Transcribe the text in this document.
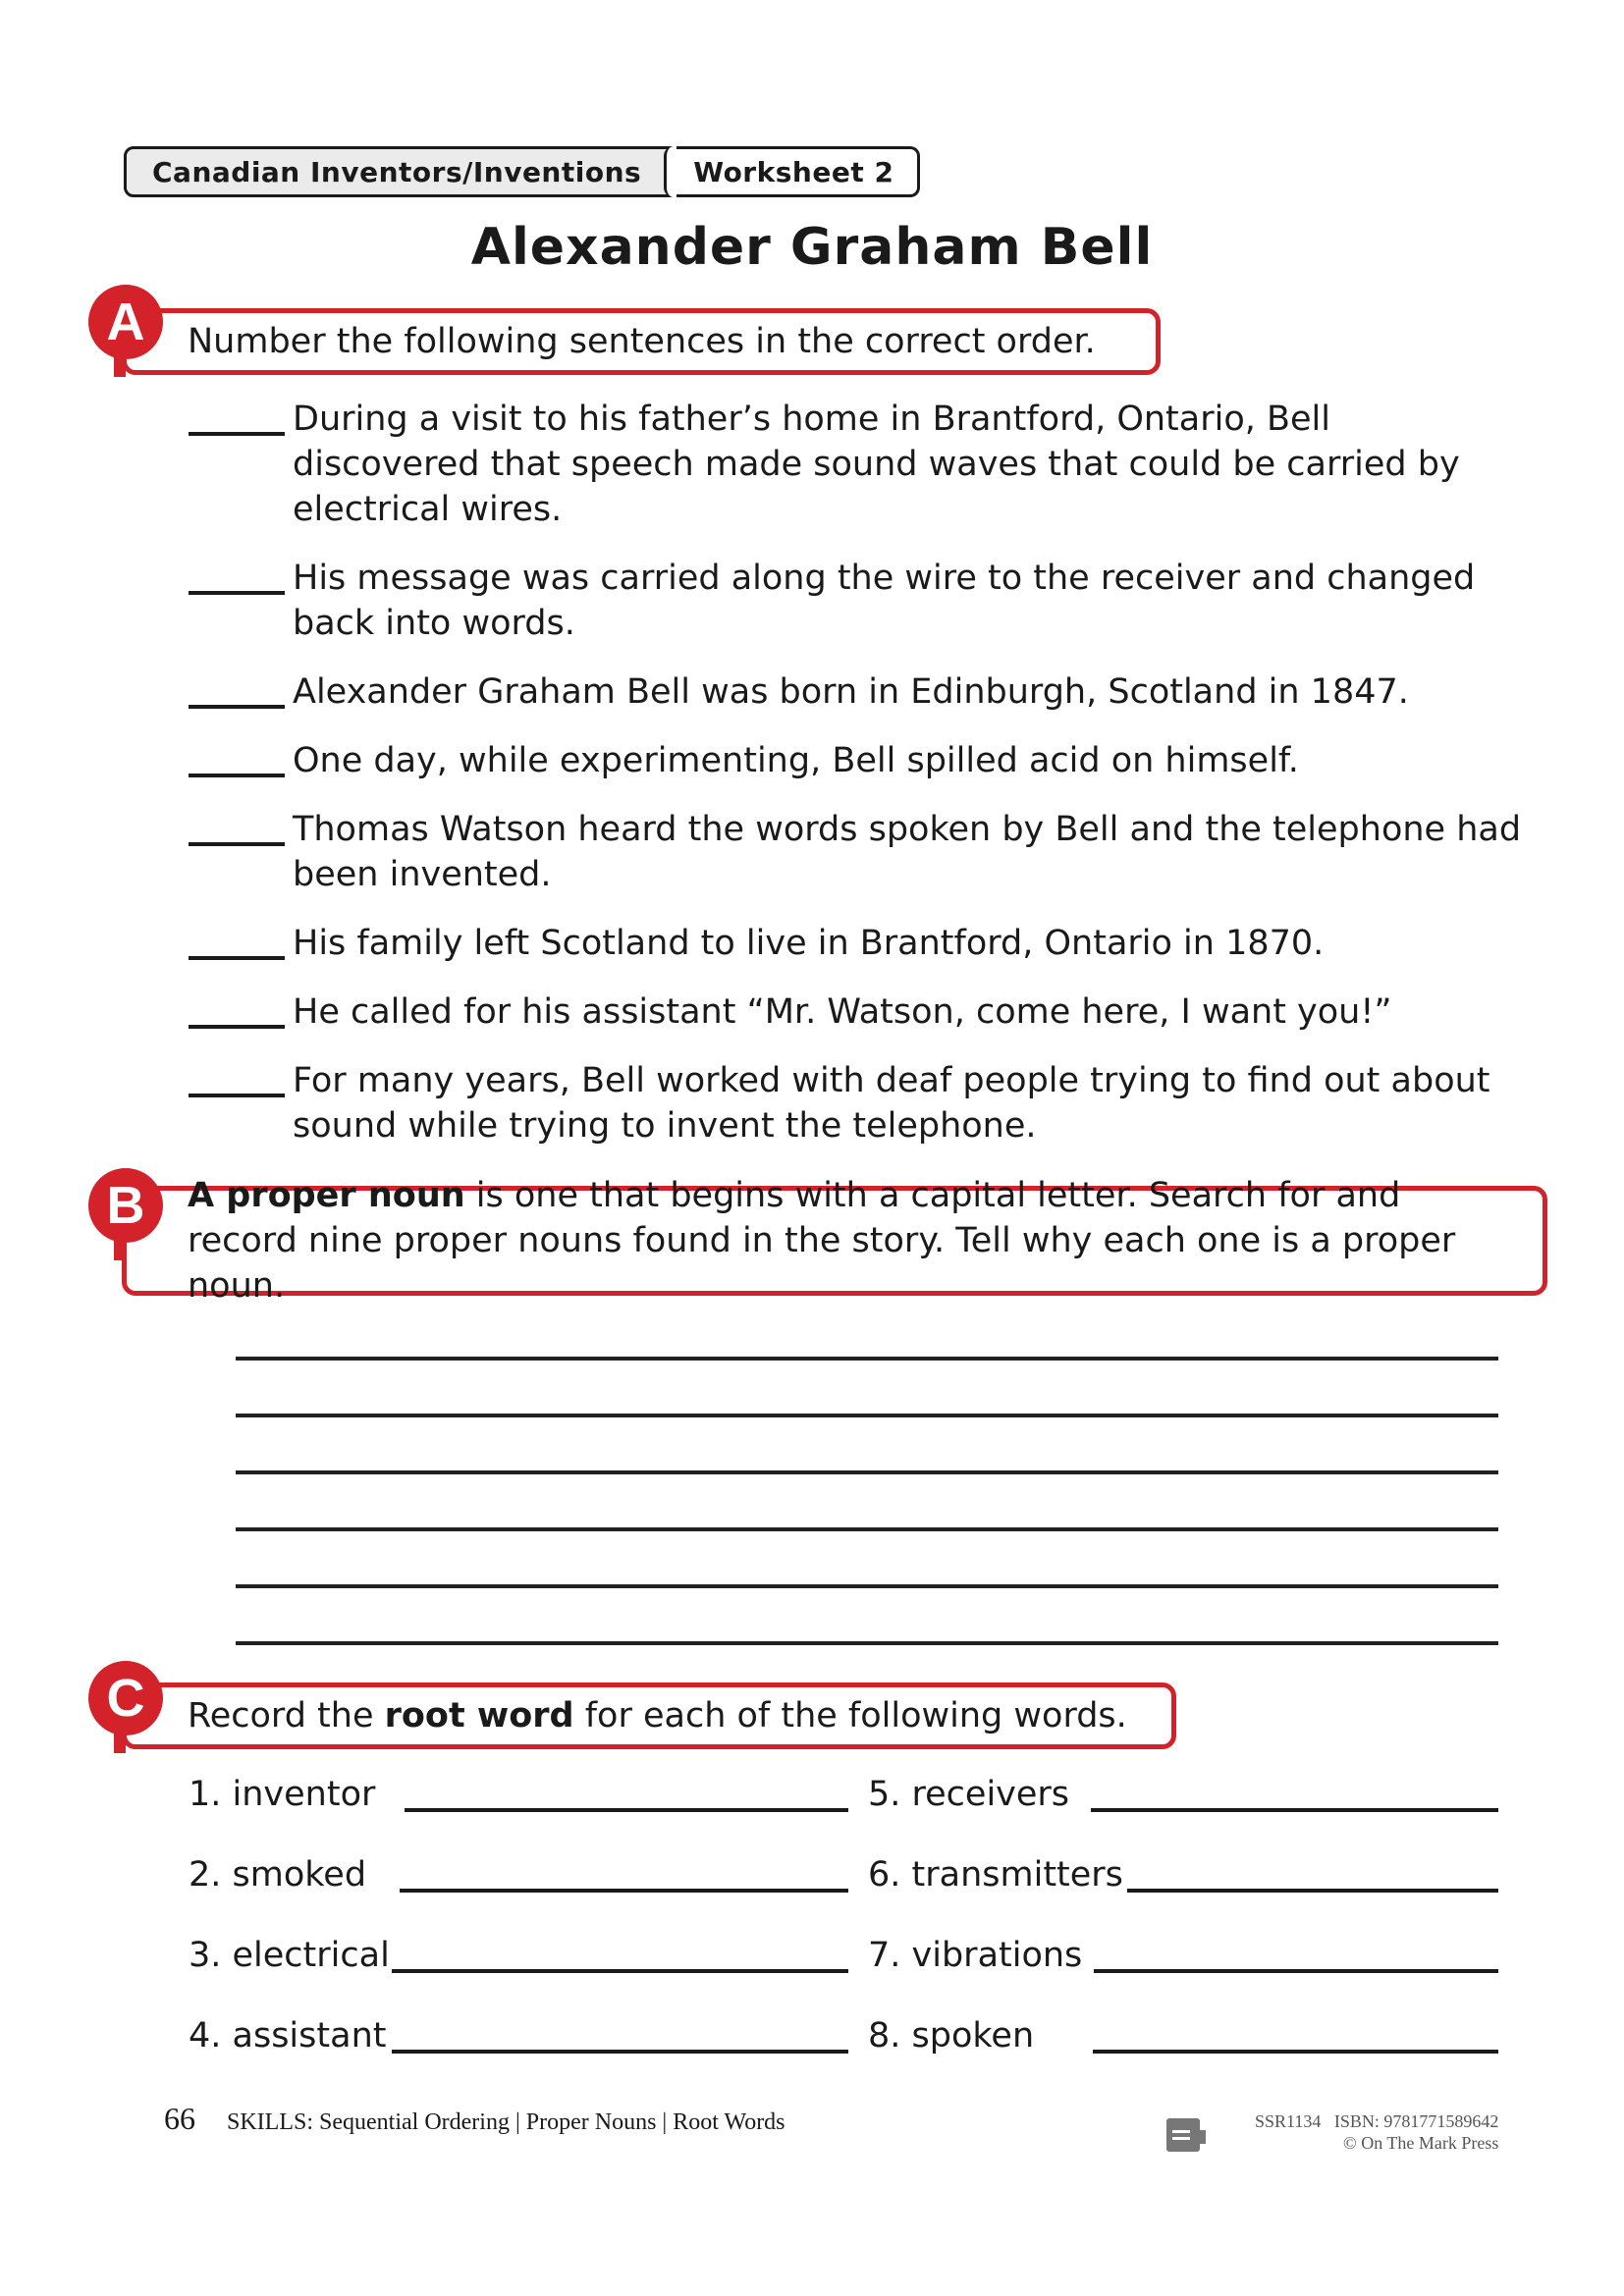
Canadian Inventors/Inventions	Worksheet 2
Alexander Graham Bell
Number the following sentences in the correct order.
A
During a visit to his father’s home in Brantford, Ontario, Bell discovered that speech made sound waves that could be carried by electrical wires.
His message was carried along the wire to the receiver and changed back into words.
Alexander Graham Bell was born in Edinburgh, Scotland in 1847.
One day, while experimenting, Bell spilled acid on himself.
Thomas Watson heard the words spoken by Bell and the telephone had been invented.
His family left Scotland to live in Brantford, Ontario in 1870.
He called for his assistant “Mr. Watson, come here, I want you!”
For many years, Bell worked with deaf people trying to find out about sound while trying to invent the telephone.
A proper noun is one that begins with a capital letter. Search for and record nine proper nouns found in the story. Tell why each one is a proper noun.
B
Record the root word for each of the following words.
C
1. inventor	5. receivers
2. smoked	6. transmitters
3. electrical	7. vibrations
4. assistant	8. spoken
66 SKILLS: Sequential Ordering | Proper Nouns | Root Words	SSR1134 ISBN: 9781771589642
© On The Mark Press
